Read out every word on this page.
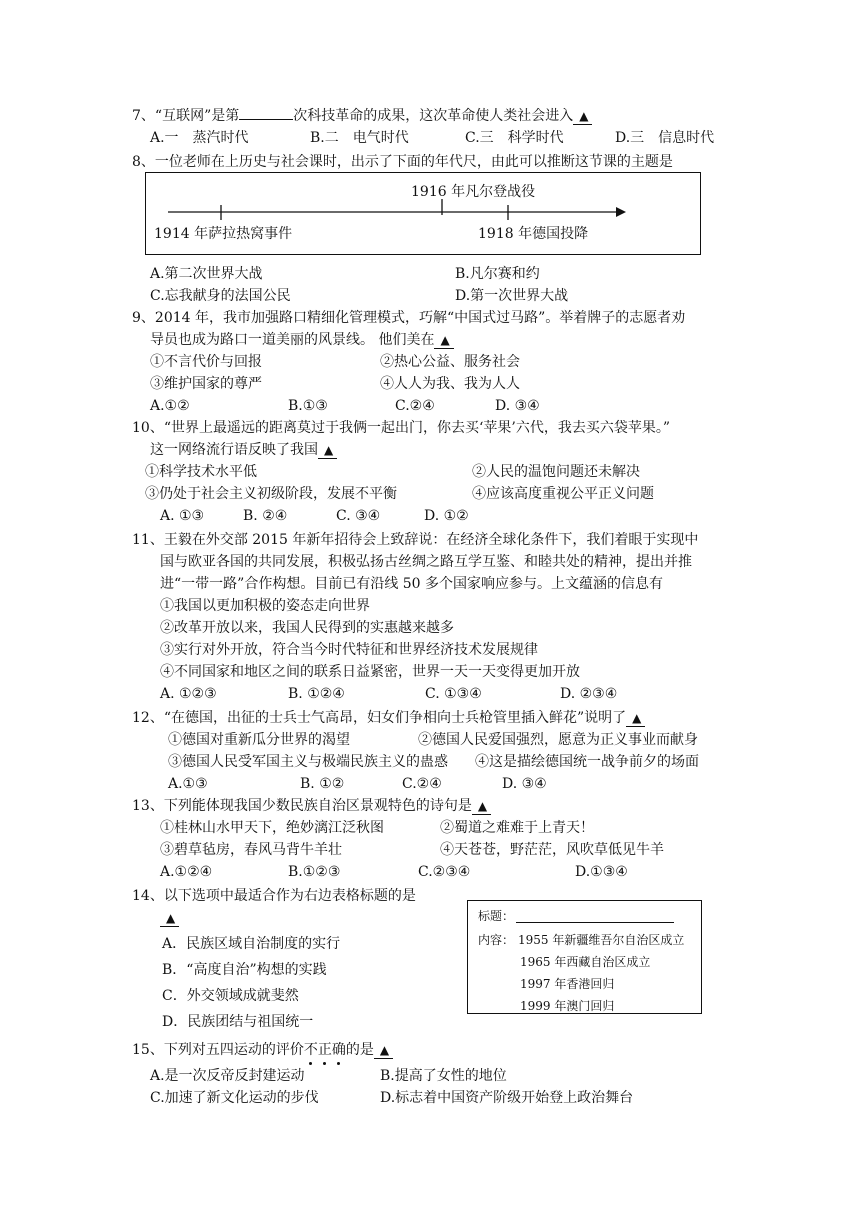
7、“互联网”是第	次科技革命的成果，这次革命使人类社会进入 ▲
A.一　蒸汽时代	B.二　电气时代	C.三　科学时代	D.三　信息时代
8、一位老师在上历史与社会课时，出示了下面的年代尺，由此可以推断这节课的主题是
1916 年凡尔登战役
1914 年萨拉热窝事件	1918 年德国投降
A.第二次世界大战	B.凡尔赛和约
C.忘我献身的法国公民	D.第一次世界大战
9、2014 年，我市加强路口精细化管理模式，巧解“中国式过马路”。举着牌子的志愿者劝
导员也成为路口一道美丽的风景线。 他们美在 ▲
①不言代价与回报	②热心公益、服务社会
③维护国家的尊严	④人人为我、我为人人
A.①②	B.①③	C.②④	D. ③④
10、“世界上最遥远的距离莫过于我俩一起出门，你去买‘苹果’六代，我去买六袋苹果。”
这一网络流行语反映了我国 ▲
①科学技术水平低	②人民的温饱问题还未解决
③仍处于社会主义初级阶段，发展不平衡	④应该高度重视公平正义问题
A. ①③	B. ②④	C. ③④	D. ①②
11、王毅在外交部 2015 年新年招待会上致辞说：在经济全球化条件下，我们着眼于实现中
国与欧亚各国的共同发展，积极弘扬古丝绸之路互学互鉴、和睦共处的精神，提出并推
进“一带一路”合作构想。目前已有沿线 50 多个国家响应参与。上文蕴涵的信息有
①我国以更加积极的姿态走向世界
②改革开放以来，我国人民得到的实惠越来越多
③实行对外开放，符合当今时代特征和世界经济技术发展规律
④不同国家和地区之间的联系日益紧密，世界一天一天变得更加开放
A. ①②③	B. ①②④	C. ①③④	D. ②③④
12、“在德国，出征的士兵士气高昂，妇女们争相向士兵枪管里插入鲜花”说明了 ▲
①德国对重新瓜分世界的渴望	②德国人民爱国强烈，愿意为正义事业而献身
③德国人民受军国主义与极端民族主义的蛊惑 ④这是描绘德国统一战争前夕的场面
A.①③	B. ①②	C.②④	D. ③④
13、下列能体现我国少数民族自治区景观特色的诗句是 ▲
①桂林山水甲天下，绝妙漓江泛秋图	②蜀道之难难于上青天！
③碧草毡房，春风马背牛羊壮	④天苍苍，野茫茫，风吹草低见牛羊
A.①②④	B.①②③	C.②③④	D.①③④
14、以下选项中最适合作为右边表格标题的是
▲
A．民族区域自治制度的实行
B．“高度自治”构想的实践
C．外交领域成就斐然
D．民族团结与祖国统一
标题：
内容： 1955 年新疆维吾尔自治区成立
1965 年西藏自治区成立
1997 年香港回归
1999 年澳门回归
15、下列对五四运动的评价不正确的是 ▲
A.是一次反帝反封建运动	B.提高了女性的地位
C.加速了新文化运动的步伐	D.标志着中国资产阶级开始登上政治舞台
